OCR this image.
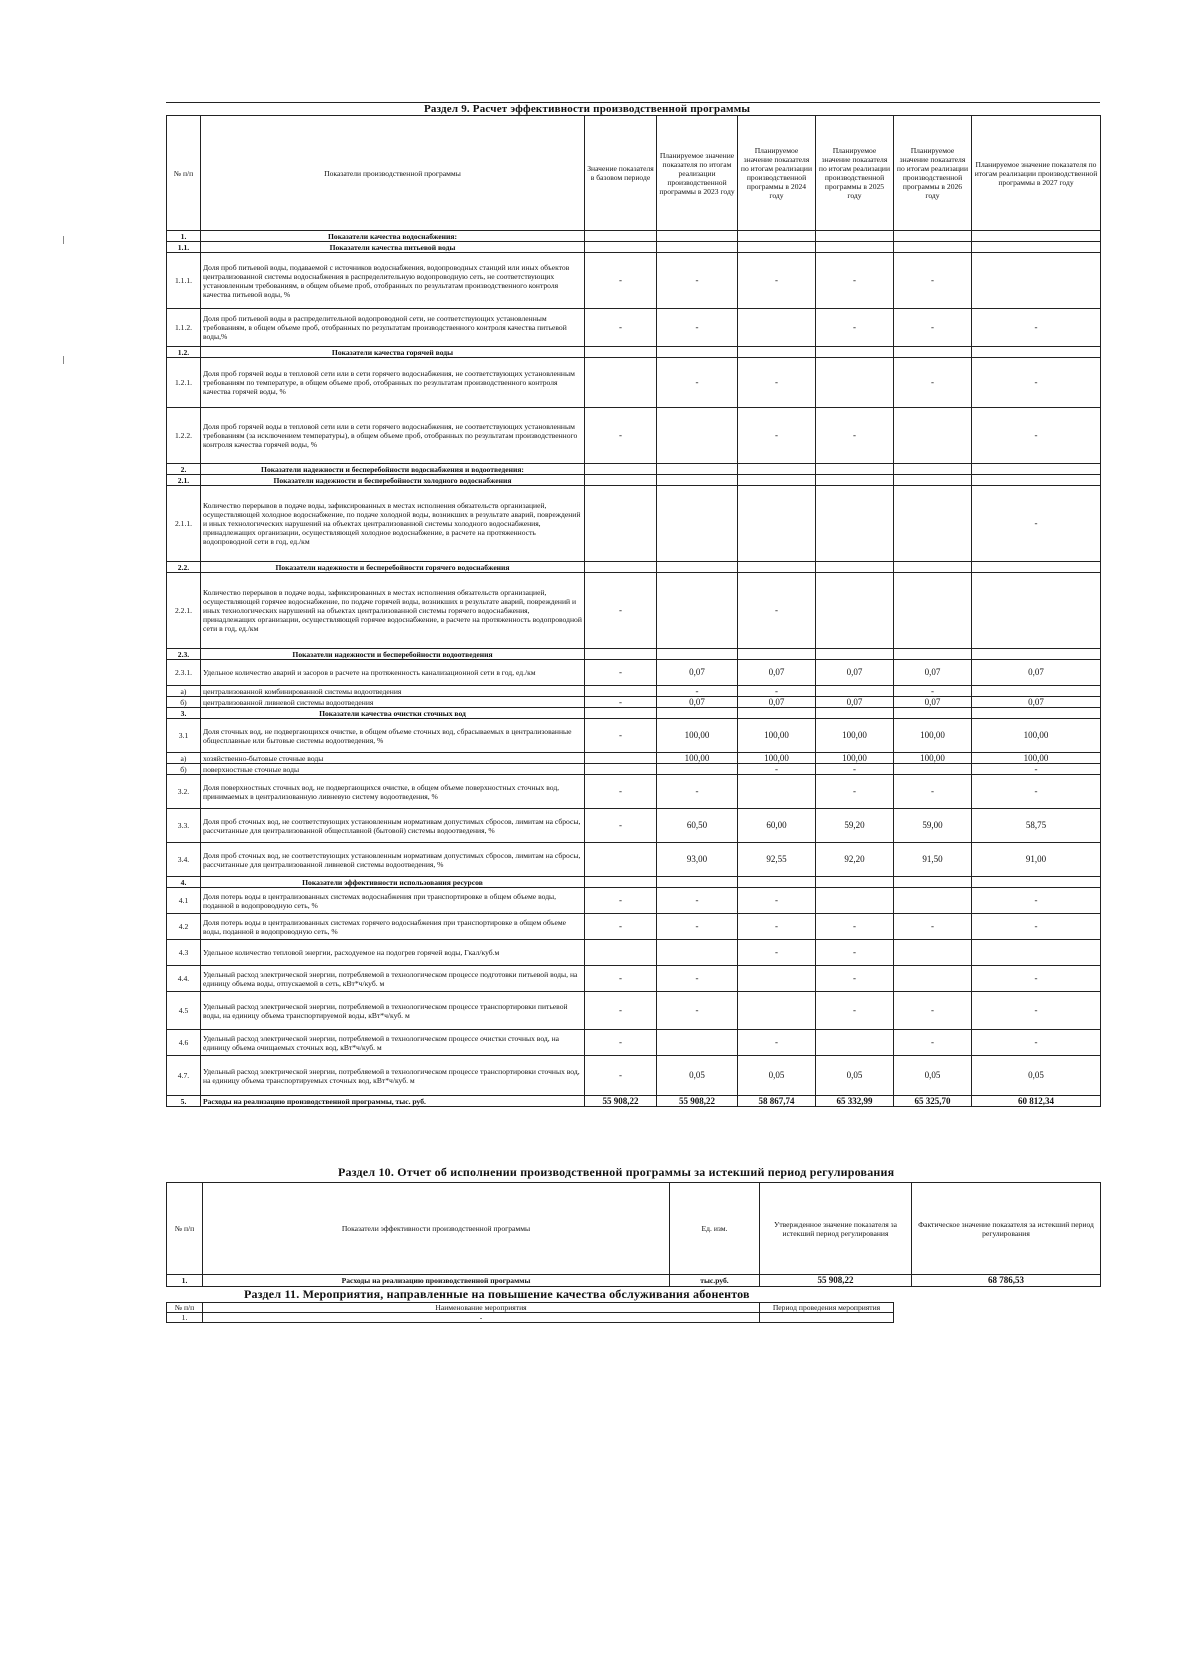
Раздел 9. Расчет эффективности производственной программы
№ п/п	Показатели производственной программы	Значение показателя в базовом периоде	Планируемое значение показателя по итогам реализации производственной программы в 2023 году	Планируемое значение показателя по итогам реализации производственной программы в 2024 году	Планируемое значение показателя по итогам реализации производственной программы в 2025 году	Планируемое значение показателя по итогам реализации производственной программы в 2026 году	Планируемое значение показателя по итогам реализации производственной программы в 2027 году
1.	Показатели качества водоснабжения:						
1.1.	Показатели качества питьевой воды						
1.1.1.	Доля проб питьевой воды, подаваемой с источников водоснабжения, водопроводных станций или иных объектов централизованной системы водоснабжения в распределительную водопроводную сеть, не соответствующих установленным требованиям, в общем объеме проб, отобранных по результатам производственного контроля качества питьевой воды, %	-	-	-	-	-	
1.1.2.	Доля проб питьевой воды в распределительной водопроводной сети, не соответствующих установленным требованиям, в общем объеме проб, отобранных по результатам производственного контроля качества питьевой воды,%	-	-		-	-	-
1.2.	Показатели качества горячей воды						
1.2.1.	Доля проб горячей воды в тепловой сети или в сети горячего водоснабжения, не соответствующих установленным требованиям по температуре, в общем объеме проб, отобранных по результатам производственного контроля качества горячей воды, %		-	-		-	-
1.2.2.	Доля проб горячей воды в тепловой сети или в сети горячего водоснабжения, не соответствующих установленным требованиям (за исключением температуры), в общем объеме проб, отобранных по результатам производственного контроля качества горячей воды, %	-		-	-		-
2.	Показатели надежности и бесперебойности водоснабжения и водоотведения:						
2.1.	Показатели надежности и бесперебойности холодного водоснабжения						
2.1.1.	Количество перерывов в подаче воды, зафиксированных в местах исполнения обязательств организацией, осуществляющей холодное водоснабжение, по подаче холодной воды, возникших в результате аварий, повреждений и иных технологических нарушений на объектах централизованной системы холодного водоснабжения, принадлежащих организации, осуществляющей холодное водоснабжение, в расчете на протяженность водопроводной сети в год, ед./км						-
2.2.	Показатели надежности и бесперебойности горячего водоснабжения						
2.2.1.	Количество перерывов в подаче воды, зафиксированных в местах исполнения обязательств организацией, осуществляющей горячее водоснабжение, по подаче горячей воды, возникших в результате аварий, повреждений и иных технологических нарушений на объектах централизованной системы горячего водоснабжения, принадлежащих организации, осуществляющей горячее водоснабжение, в расчете на протяженность водопроводной сети в год, ед./км	-		-			
2.3.	Показатели надежности и бесперебойности водоотведения						
2.3.1.	Удельное количество аварий и засоров в расчете на протяженность канализационной сети в год, ед./км	-	0,07	0,07	0,07	0,07	0,07
а)	централизованной комбинированной системы водоотведения		-	-		-	
б)	централизованной ливневой системы водоотведения	-	0,07	0,07	0,07	0,07	0,07
3.	Показатели качества очистки сточных вод						
3.1	Доля сточных вод, не подвергающихся очистке, в общем объеме сточных вод, сбрасываемых в централизованные общесплавные или бытовые системы водоотведения, %	-	100,00	100,00	100,00	100,00	100,00
а)	хозяйственно-бытовые сточные воды		100,00	100,00	100,00	100,00	100,00
б)	поверхностные сточные воды			-	-		-
3.2.	Доля поверхностных сточных вод, не подвергающихся очистке, в общем объеме поверхностных сточных вод, принимаемых в централизованную ливневую систему водоотведения, %	-	-		-	-	-
3.3.	Доля проб сточных вод, не соответствующих установленным нормативам допустимых сбросов, лимитам на сбросы, рассчитанные для централизованной общесплавной (бытовой) системы водоотведения, %	-	60,50	60,00	59,20	59,00	58,75
3.4.	Доля проб сточных вод, не соответствующих установленным нормативам допустимых сбросов, лимитам на сбросы, рассчитанные для централизованной ливневой системы водоотведения, %		93,00	92,55	92,20	91,50	91,00
4.	Показатели эффективности использования ресурсов						
4.1	Доля потерь воды в централизованных системах водоснабжения при транспортировке в общем объеме воды, поданной в водопроводную сеть, %	-	-	-			-
4.2	Доля потерь воды в централизованных системах горячего водоснабжения при транспортировке в общем объеме воды, поданной в водопроводную сеть, %	-	-	-	-	-	-
4.3	Удельное количество тепловой энергии, расходуемое на подогрев горячей воды, Гкал/куб.м			-	-		
4.4.	Удельный расход электрической энергии, потребляемой в технологическом процессе подготовки питьевой воды, на единицу объема воды, отпускаемой в сеть, кВт*ч/куб. м	-	-		-		-
4.5	Удельный расход электрической энергии, потребляемой в технологическом процессе транспортировки питьевой воды, на единицу объема транспортируемой воды, кВт*ч/куб. м	-	-		-	-	-
4.6	Удельный расход электрической энергии, потребляемой в технологическом процессе очистки сточных вод, на единицу объема очищаемых сточных вод, кВт*ч/куб. м	-		-		-	-
4.7.	Удельный расход электрической энергии, потребляемой в технологическом процессе транспортировки сточных вод, на единицу объема транспортируемых сточных вод, кВт*ч/куб. м	-	0,05	0,05	0,05	0,05	0,05
5.	Расходы на реализацию производственной программы, тыс. руб.	55 908,22	55 908,22	58 867,74	65 332,99	65 325,70	60 812,34
Раздел 10. Отчет об исполнении производственной программы за истекший период регулирования
№ п/п	Показатели эффективности производственной программы	Ед. изм.	Утвержденное значение показателя за истекший период регулирования	Фактическое значение показателя за истекший период регулирования
1.	Расходы на реализацию производственной программы	тыс.руб.	55 908,22	68 786,53
Раздел 11. Мероприятия, направленные на повышение качества обслуживания абонентов
№ п/п	Наименование мероприятия	Период проведения мероприятия
1.	-	
